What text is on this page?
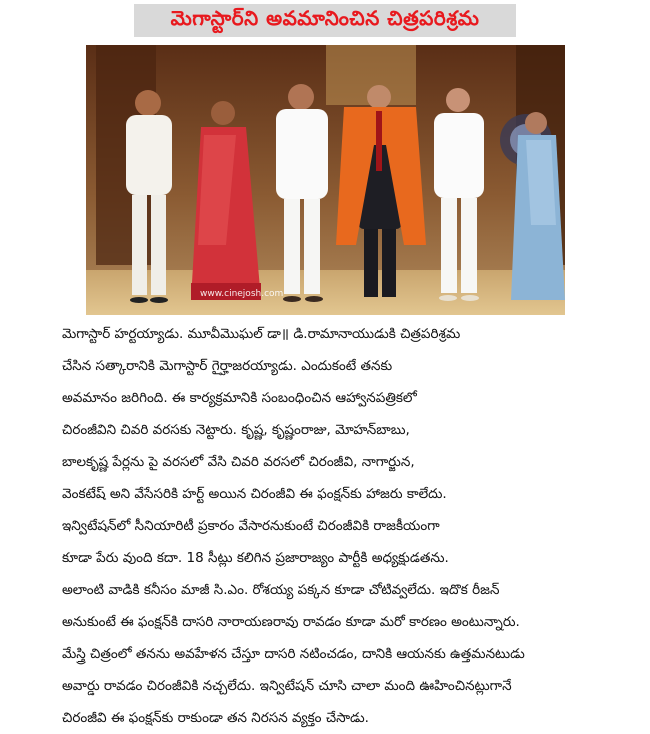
మెగాస్టార్‌ని అవమానించిన చిత్రపరిశ్రమ
www.cinejosh.com

మెగాస్టార్ హర్టయ్యాడు. మూవీమొఘల్ డా॥ డి.రామానాయుడుకి చిత్రపరిశ్రమ

చేసిన సత్కారానికి మెగాస్టార్ గైర్హాజరయ్యాడు. ఎందుకంటే తనకు

అవమానం జరిగింది. ఈ కార్యక్రమానికి సంబంధించిన ఆహ్వానపత్రికలో

చిరంజీవిని చివరి వరసకు నెట్టారు. కృష్ణ, కృష్ణంరాజు, మోహన్‌బాబు,

బాలకృష్ణ పేర్లను పై వరసలో వేసి చివరి వరసలో చిరంజీవి, నాగార్జున,

వెంకటేష్ అని వేసేసరికి హర్ట్ అయిన చిరంజీవి ఈ ఫంక్షన్‌కు హాజరు కాలేదు.

ఇన్విటేషన్‌లో సీనియారిటీ ప్రకారం వేసారనుకుంటే చిరంజీవికి రాజకీయంగా

కూడా పేరు వుంది కదా. 18 సీట్లు కలిగిన ప్రజారాజ్యం పార్టీకి అధ్యక్షుడతను.

అలాంటి వాడికి కనీసం మాజీ సి.ఎం. రోశయ్య పక్కన కూడా చోటివ్వలేదు. ఇదొక రీజన్

అనుకుంటే ఈ ఫంక్షన్‌కి దాసరి నారాయణరావు రావడం కూడా మరో కారణం అంటున్నారు.

మేస్త్రి చిత్రంలో తనను అవహేళన చేస్తూ దాసరి నటించడం, దానికి ఆయనకు ఉత్తమనటుడు

అవార్డు రావడం చిరంజీవికి నచ్చలేదు. ఇన్విటేషన్ చూసి చాలా మంది ఊహించినట్లుగానే

చిరంజీవి ఈ ఫంక్షన్‌కు రాకుండా తన నిరసన వ్యక్తం చేసాడు.
